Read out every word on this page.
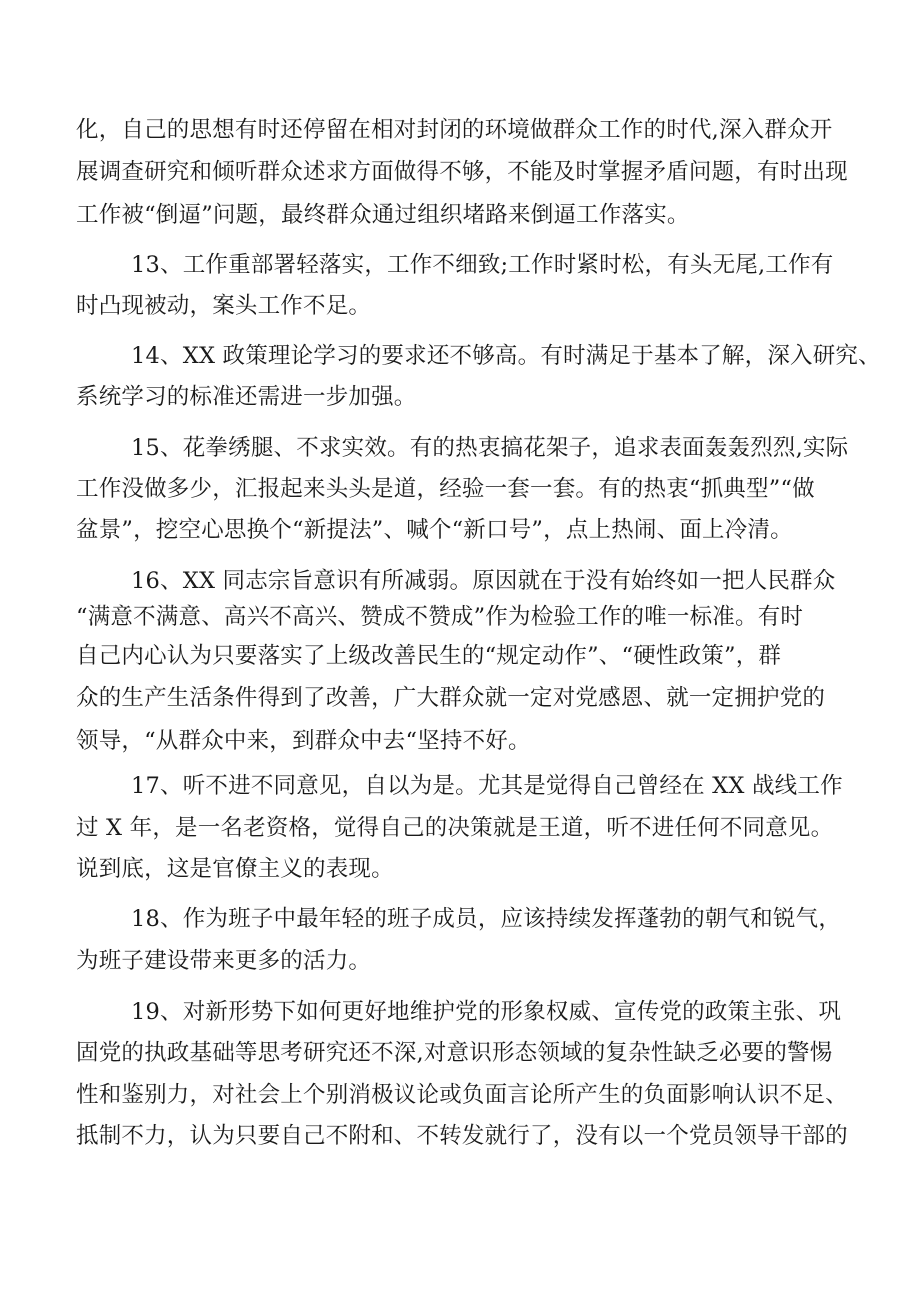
化，自己的思想有时还停留在相对封闭的环境做群众工作的时代,深入群众开
展调查研究和倾听群众述求方面做得不够，不能及时掌握矛盾问题，有时出现
工作被“倒逼”问题，最终群众通过组织堵路来倒逼工作落实。
13、工作重部署轻落实，工作不细致;工作时紧时松，有头无尾,工作有
时凸现被动，案头工作不足。
14、XX 政策理论学习的要求还不够高。有时满足于基本了解，深入研究、
系统学习的标准还需进一步加强。
15、花拳绣腿、不求实效。有的热衷搞花架子，追求表面轰轰烈烈,实际
工作没做多少，汇报起来头头是道，经验一套一套。有的热衷“抓典型”“做
盆景”，挖空心思换个“新提法”、喊个“新口号”，点上热闹、面上冷清。
16、XX 同志宗旨意识有所减弱。原因就在于没有始终如一把人民群众
“满意不满意、高兴不高兴、赞成不赞成”作为检验工作的唯一标准。有时
自己内心认为只要落实了上级改善民生的“规定动作”、“硬性政策”，群
众的生产生活条件得到了改善，广大群众就一定对党感恩、就一定拥护党的
领导，“从群众中来，到群众中去“坚持不好。
17、听不进不同意见，自以为是。尤其是觉得自己曾经在 XX 战线工作
过 X 年，是一名老资格，觉得自己的决策就是王道，听不进任何不同意见。
说到底，这是官僚主义的表现。
18、作为班子中最年轻的班子成员，应该持续发挥蓬勃的朝气和锐气，
为班子建设带来更多的活力。
19、对新形势下如何更好地维护党的形象权威、宣传党的政策主张、巩
固党的执政基础等思考研究还不深,对意识形态领域的复杂性缺乏必要的警惕
性和鉴别力，对社会上个别消极议论或负面言论所产生的负面影响认识不足、
抵制不力，认为只要自己不附和、不转发就行了，没有以一个党员领导干部的
